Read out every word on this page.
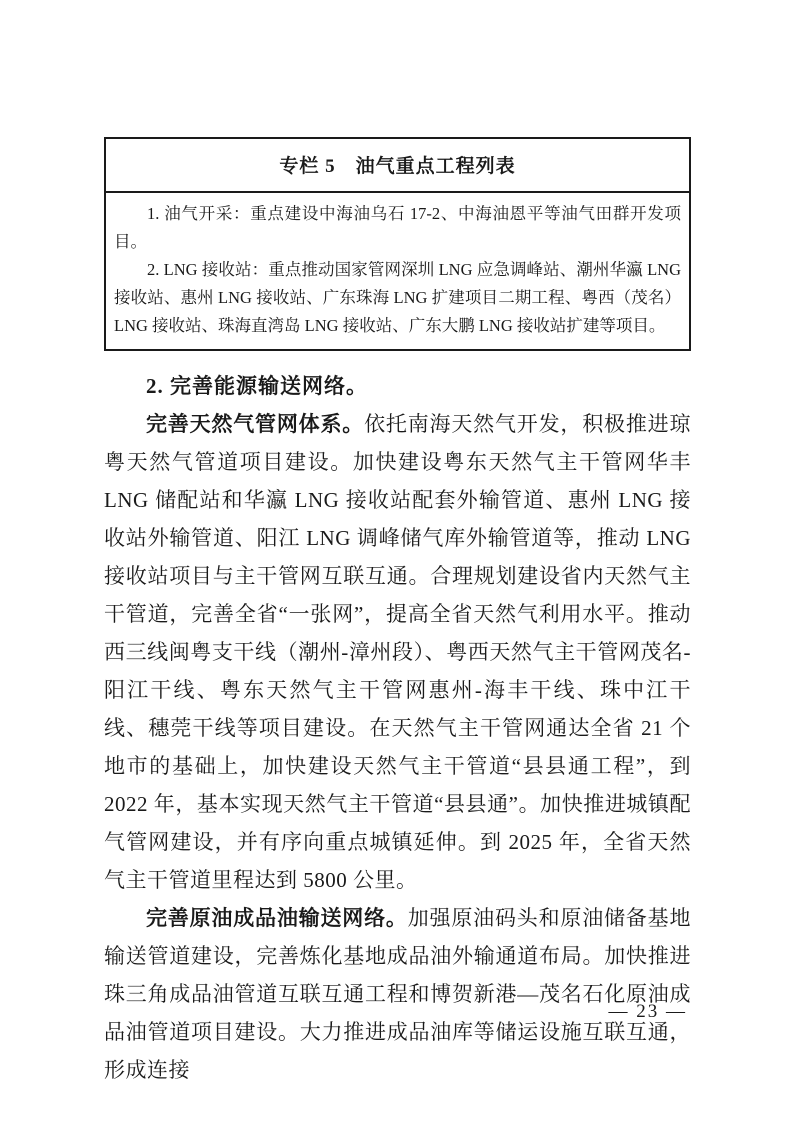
专栏 5　油气重点工程列表

1. 油气开采：重点建设中海油乌石 17-2、中海油恩平等油气田群开发项目。

2. LNG 接收站：重点推动国家管网深圳 LNG 应急调峰站、潮州华瀛 LNG 接收站、惠州 LNG 接收站、广东珠海 LNG 扩建项目二期工程、粤西（茂名）LNG 接收站、珠海直湾岛 LNG 接收站、广东大鹏 LNG 接收站扩建等项目。

2. 完善能源输送网络。

完善天然气管网体系。依托南海天然气开发，积极推进琼粤天然气管道项目建设。加快建设粤东天然气主干管网华丰 LNG 储配站和华瀛 LNG 接收站配套外输管道、惠州 LNG 接收站外输管道、阳江 LNG 调峰储气库外输管道等，推动 LNG 接收站项目与主干管网互联互通。合理规划建设省内天然气主干管道，完善全省“一张网”，提高全省天然气利用水平。推动西三线闽粤支干线（潮州-漳州段）、粤西天然气主干管网茂名-阳江干线、粤东天然气主干管网惠州-海丰干线、珠中江干线、穗莞干线等项目建设。在天然气主干管网通达全省 21 个地市的基础上，加快建设天然气主干管道“县县通工程”，到 2022 年，基本实现天然气主干管道“县县通”。加快推进城镇配气管网建设，并有序向重点城镇延伸。到 2025 年，全省天然气主干管道里程达到 5800 公里。

完善原油成品油输送网络。加强原油码头和原油储备基地输送管道建设，完善炼化基地成品油外输通道布局。加快推进珠三角成品油管道互联互通工程和博贺新港—茂名石化原油成品油管道项目建设。大力推进成品油库等储运设施互联互通，形成连接

— 23 —
